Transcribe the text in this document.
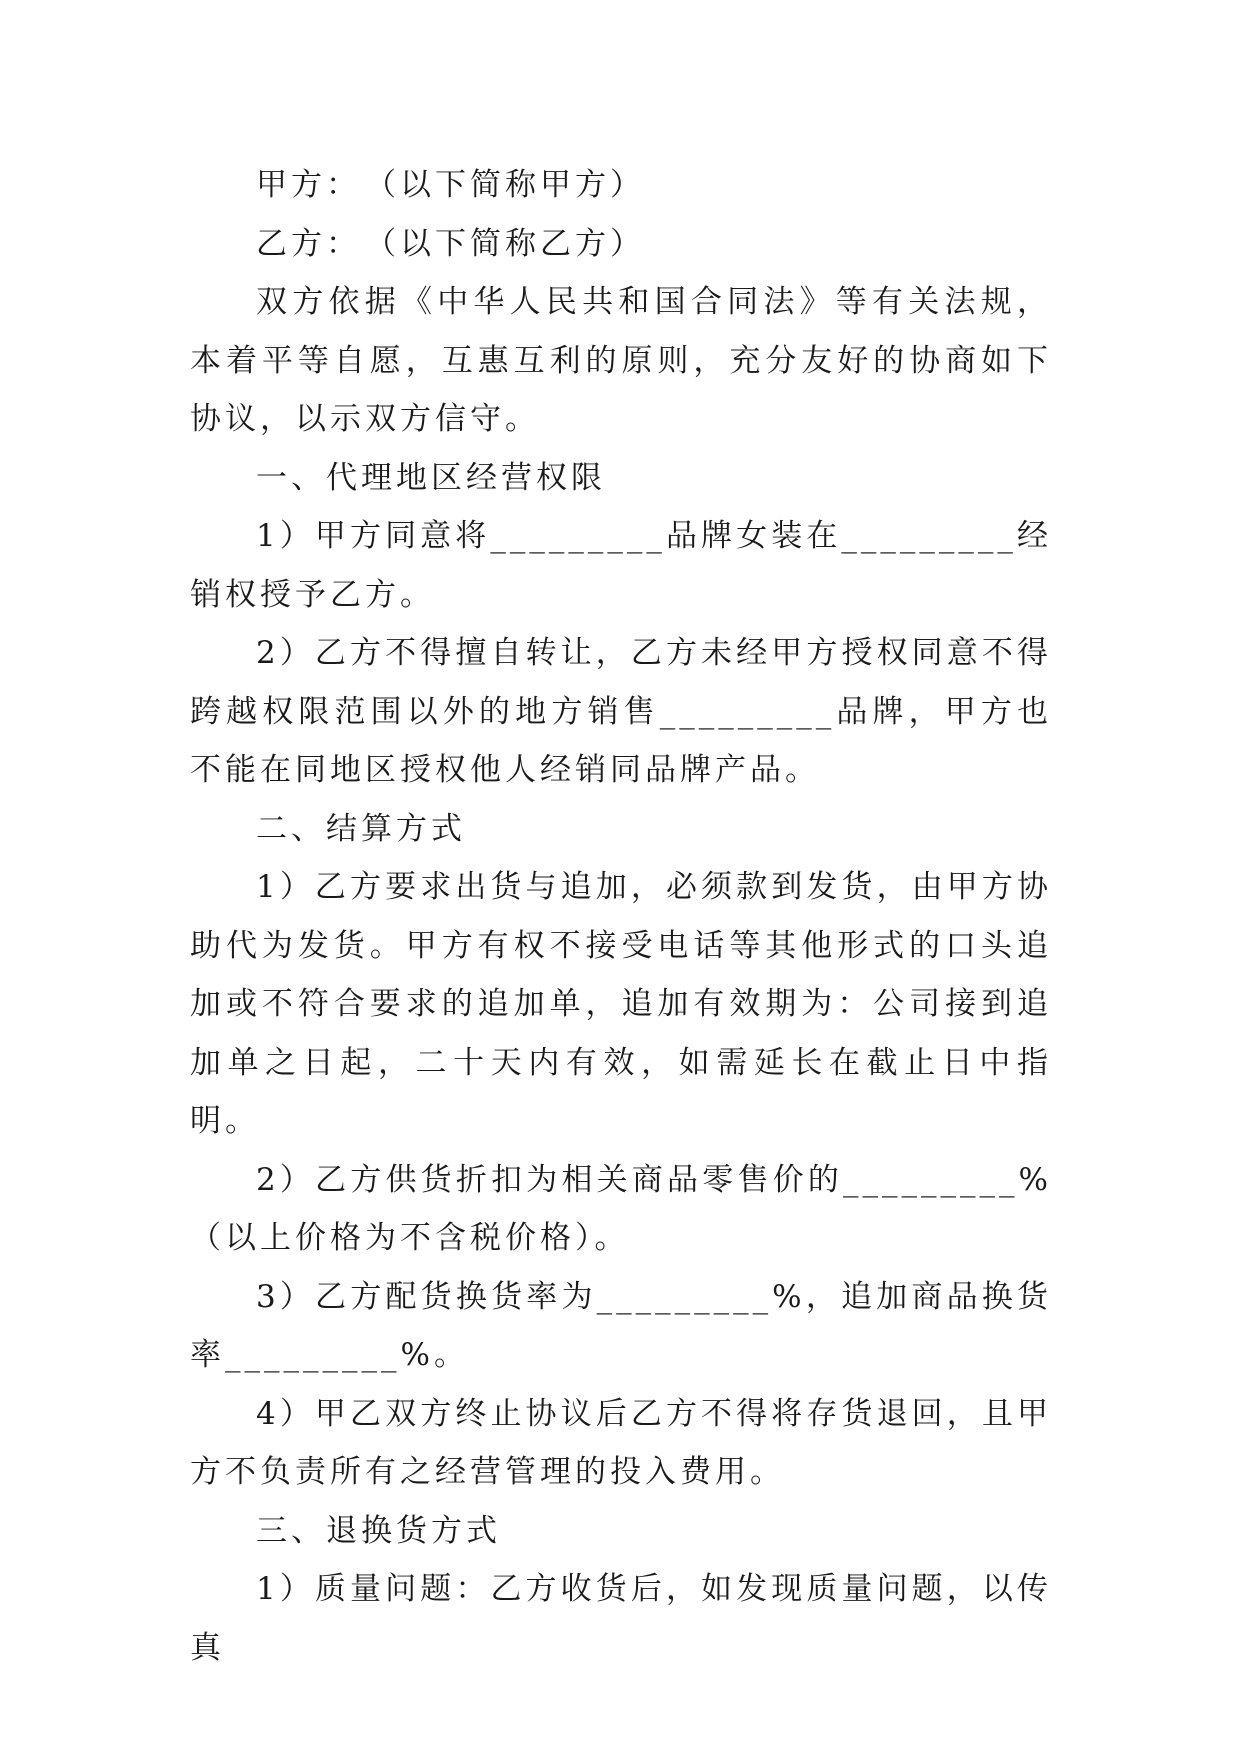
甲方：　（以下简称甲方）

乙方：　（以下简称乙方）

双方依据《中华人民共和国合同法》等有关法规，本着平等自愿，互惠互利的原则，充分友好的协商如下协议，以示双方信守。

一、代理地区经营权限

1）甲方同意将_________品牌女装在_________经销权授予乙方。

2）乙方不得擅自转让，乙方未经甲方授权同意不得跨越权限范围以外的地方销售_________品牌，甲方也不能在同地区授权他人经销同品牌产品。

二、结算方式

1）乙方要求出货与追加，必须款到发货，由甲方协助代为发货。甲方有权不接受电话等其他形式的口头追加或不符合要求的追加单，追加有效期为：公司接到追加单之日起，二十天内有效，如需延长在截止日中指明。

2）乙方供货折扣为相关商品零售价的_________%（以上价格为不含税价格）。

3）乙方配货换货率为_________%，追加商品换货率_________%。

4）甲乙双方终止协议后乙方不得将存货退回，且甲方不负责所有之经营管理的投入费用。

三、退换货方式

1）质量问题：乙方收货后，如发现质量问题，以传真
